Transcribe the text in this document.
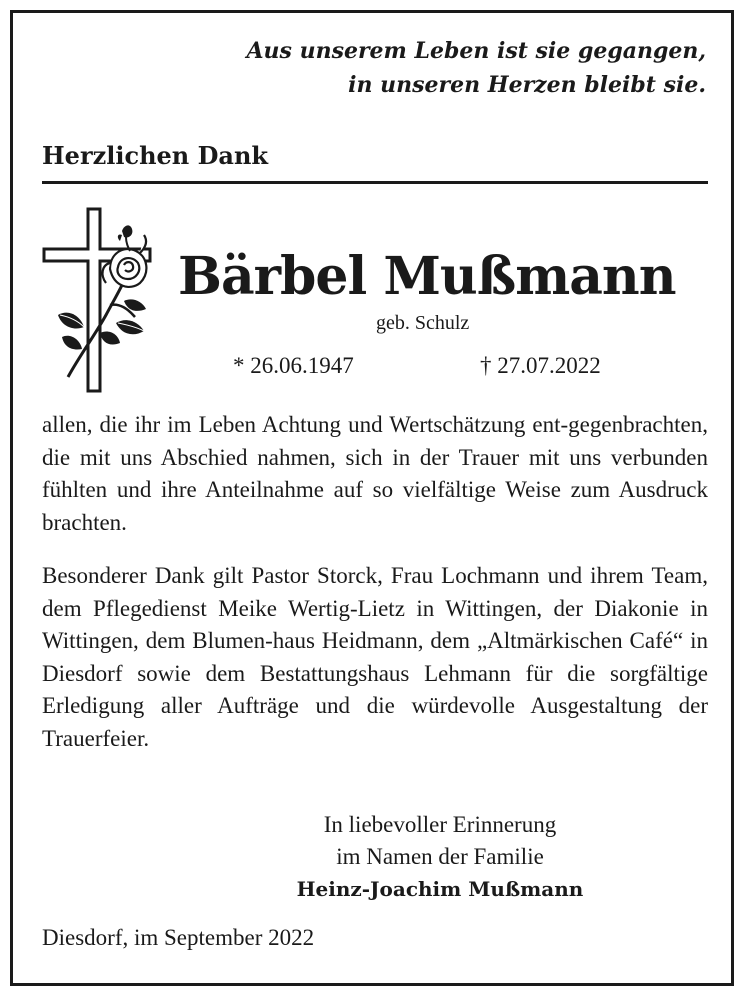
Aus unserem Leben ist sie gegangen,
in unseren Herzen bleibt sie.
Herzlichen Dank
Bärbel Mußmann
geb. Schulz
* 26.06.1947	† 27.07.2022

allen, die ihr im Leben Achtung und Wertschätzung ent-gegenbrachten, die mit uns Abschied nahmen, sich in der Trauer mit uns verbunden fühlten und ihre Anteilnahme auf so vielfältige Weise zum Ausdruck brachten.

Besonderer Dank gilt Pastor Storck, Frau Lochmann und ihrem Team, dem Pflegedienst Meike Wertig-Lietz in Wittingen, der Diakonie in Wittingen, dem Blumen-haus Heidmann, dem „Altmärkischen Café“ in Diesdorf sowie dem Bestattungshaus Lehmann für die sorgfältige Erledigung aller Aufträge und die würdevolle Ausgestaltung der Trauerfeier.

In liebevoller Erinnerung
im Namen der Familie
Heinz-Joachim Mußmann
Diesdorf, im September 2022
